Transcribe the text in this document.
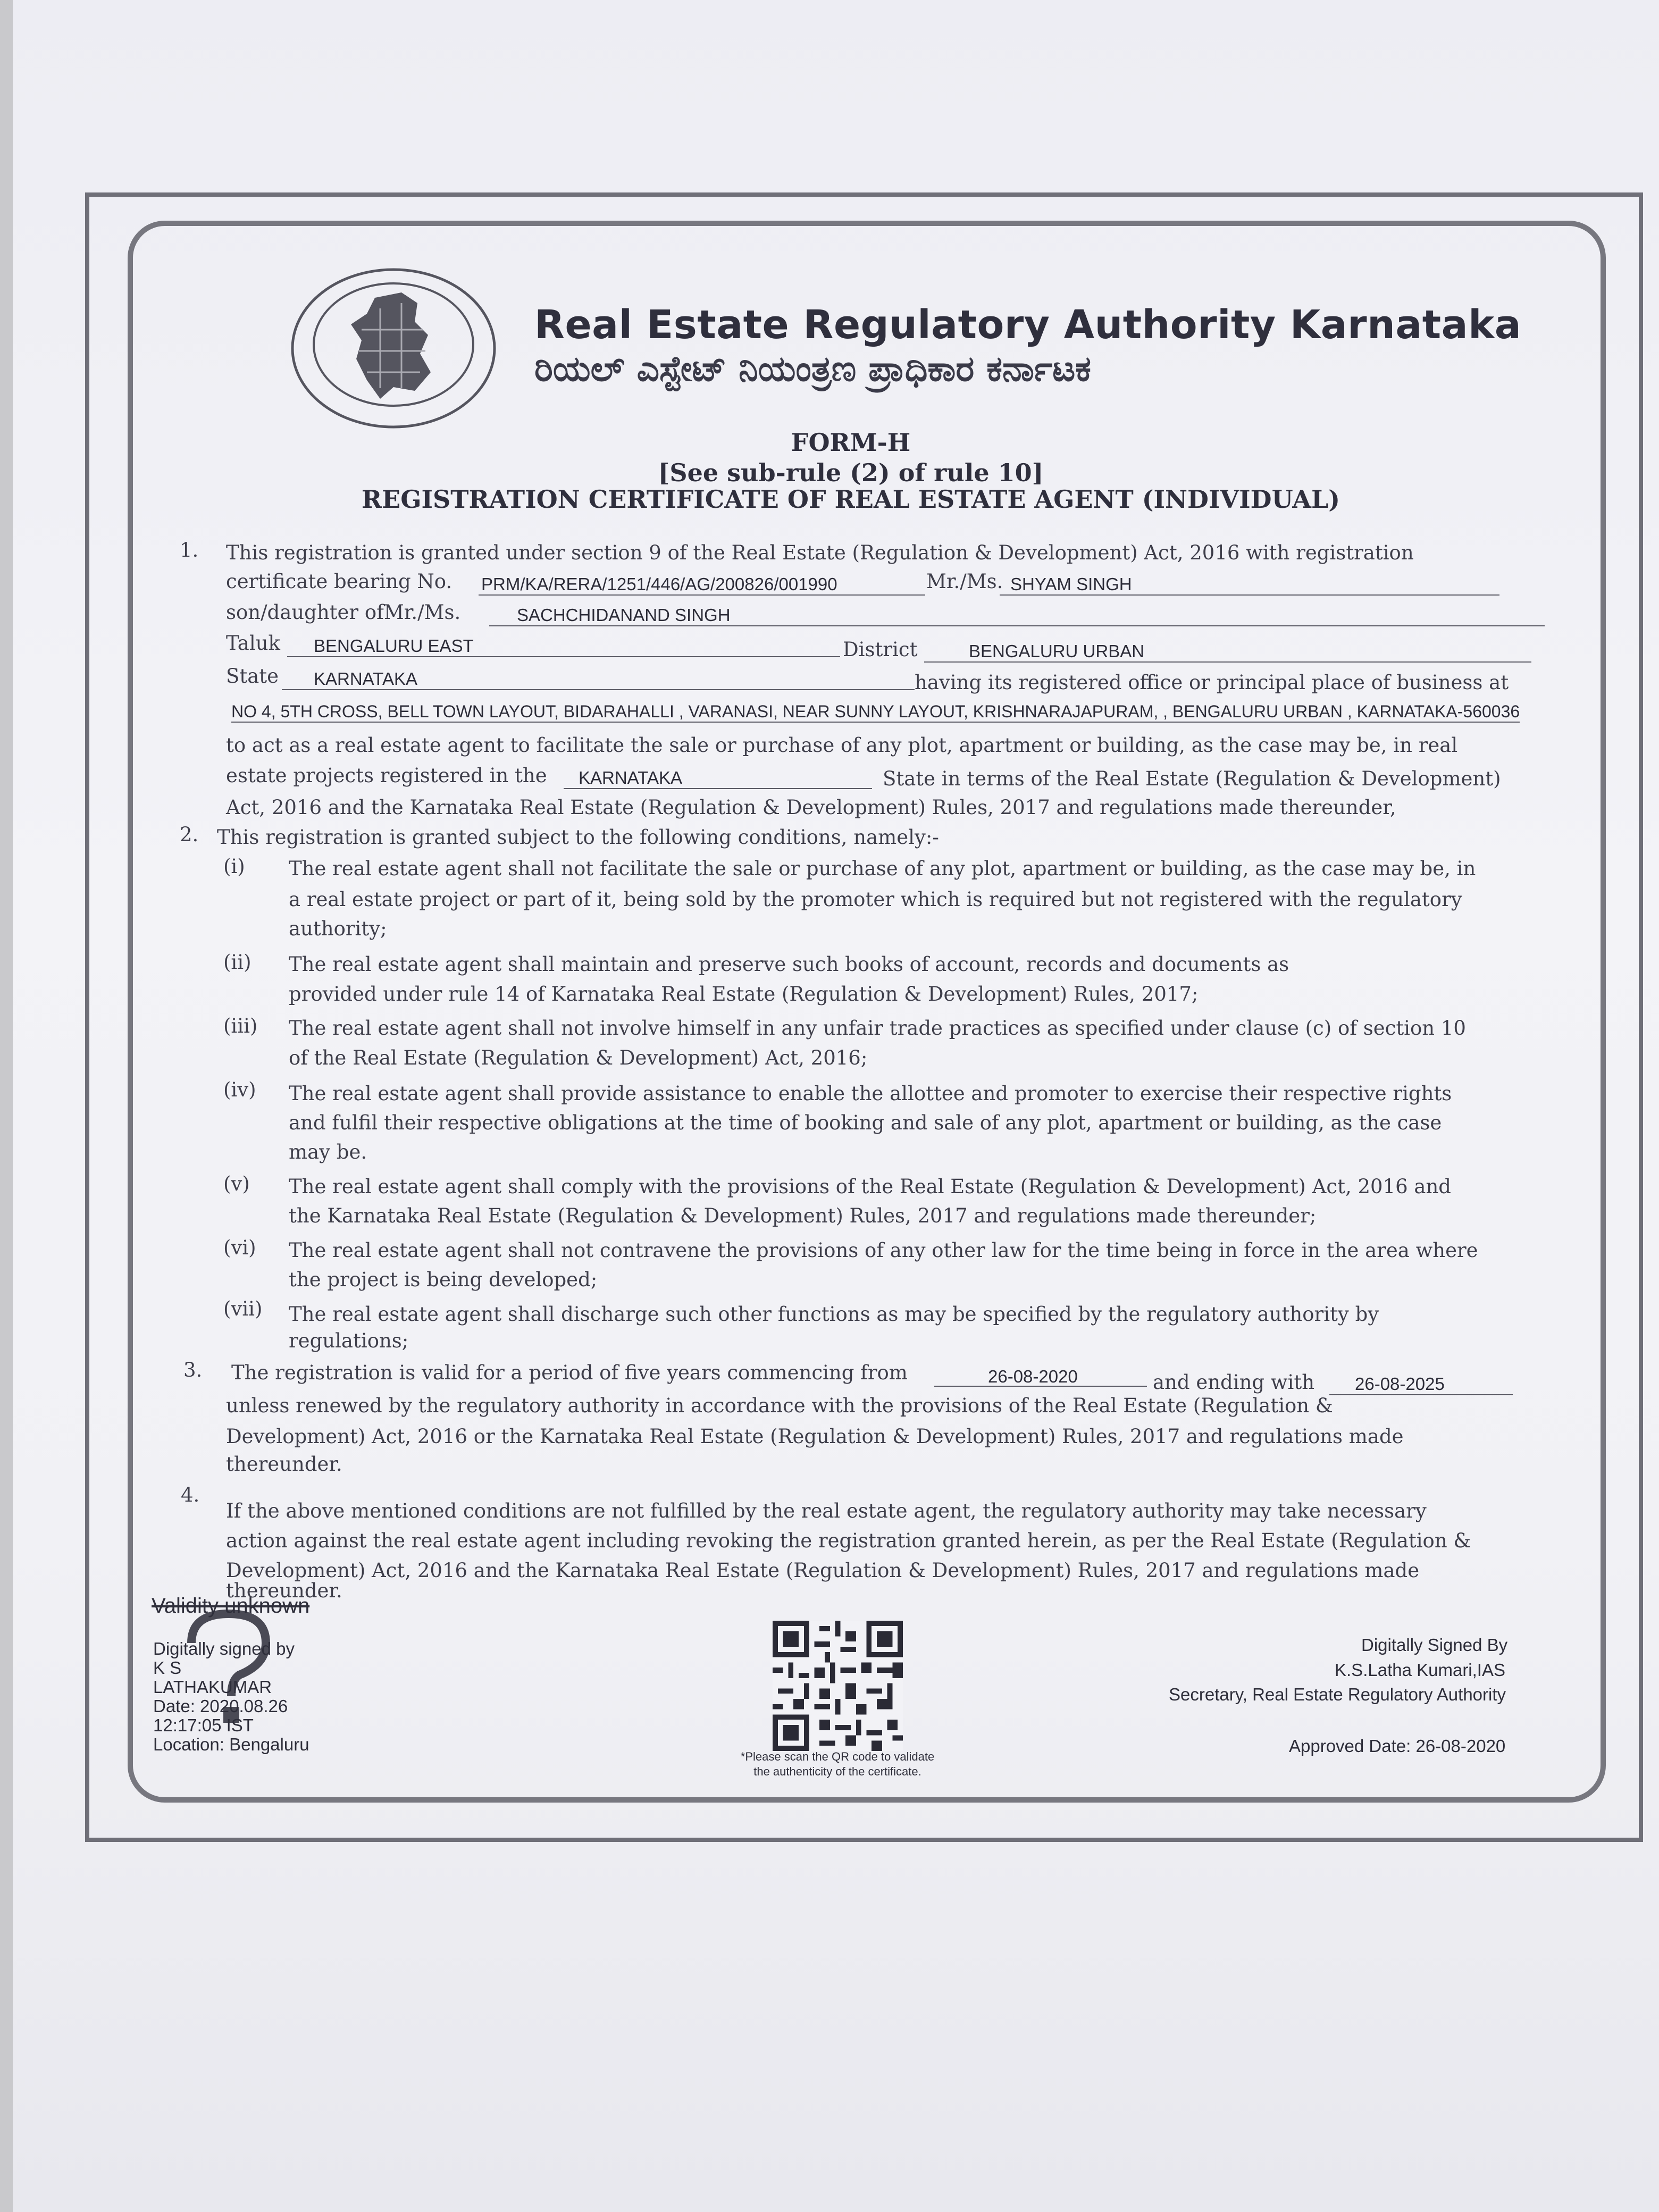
Real Estate Regulatory Authority Karnataka
ರಿಯಲ್ ಎಸ್ಟೇಟ್ ನಿಯಂತ್ರಣ ಪ್ರಾಧಿಕಾರ ಕರ್ನಾಟಕ
FORM-H
[See sub-rule (2) of rule 10]
REGISTRATION CERTIFICATE OF REAL ESTATE AGENT (INDIVIDUAL)
1. This registration is granted under section 9 of the Real Estate (Regulation & Development) Act, 2016 with registration
certificate bearing No. PRM/KA/RERA/1251/446/AG/200826/001990	Mr./Ms. SHYAM SINGH
son/daughter ofMr./Ms.	SACHCHIDANAND SINGH
Taluk BENGALURU EAST	District	BENGALURU URBAN
State KARNATAKA	having its registered office or principal place of business at
NO 4, 5TH CROSS, BELL TOWN LAYOUT, BIDARAHALLI , VARANASI, NEAR SUNNY LAYOUT, KRISHNARAJAPURAM, , BENGALURU URBAN , KARNATAKA-560036
to act as a real estate agent to facilitate the sale or purchase of any plot, apartment or building, as the case may be, in real
estate projects registered in the KARNATAKA	State in terms of the Real Estate (Regulation & Development)
Act, 2016 and the Karnataka Real Estate (Regulation & Development) Rules, 2017 and regulations made thereunder,
2. This registration is granted subject to the following conditions, namely:-
(i) The real estate agent shall not facilitate the sale or purchase of any plot, apartment or building, as the case may be, in
a real estate project or part of it, being sold by the promoter which is required but not registered with the regulatory
authority;
(ii) The real estate agent shall maintain and preserve such books of account, records and documents as
provided under rule 14 of Karnataka Real Estate (Regulation & Development) Rules, 2017;
(iii) The real estate agent shall not involve himself in any unfair trade practices as specified under clause (c) of section 10
of the Real Estate (Regulation & Development) Act, 2016;
(iv) The real estate agent shall provide assistance to enable the allottee and promoter to exercise their respective rights
and fulfil their respective obligations at the time of booking and sale of any plot, apartment or building, as the case
may be.
(v) The real estate agent shall comply with the provisions of the Real Estate (Regulation & Development) Act, 2016 and
the Karnataka Real Estate (Regulation & Development) Rules, 2017 and regulations made thereunder;
(vi) The real estate agent shall not contravene the provisions of any other law for the time being in force in the area where
the project is being developed;
(vii) The real estate agent shall discharge such other functions as may be specified by the regulatory authority by
regulations;
3. The registration is valid for a period of five years commencing from	26-08-2020	and ending with 26-08-2025
unless renewed by the regulatory authority in accordance with the provisions of the Real Estate (Regulation &
Development) Act, 2016 or the Karnataka Real Estate (Regulation & Development) Rules, 2017 and regulations made
thereunder.
4.
If the above mentioned conditions are not fulfilled by the real estate agent, the regulatory authority may take necessary
action against the real estate agent including revoking the registration granted herein, as per the Real Estate (Regulation &
Development) Act, 2016 and the Karnataka Real Estate (Regulation & Development) Rules, 2017 and regulations made
thereunder.
Validity unknown
Digitally signed by
K S
LATHAKUMAR
Date: 2020.08.26
12:17:05 IST
Location: Bengaluru
*Please scan the QR code to validate
the authenticity of the certificate.
Digitally Signed By
K.S.Latha Kumari,IAS
Secretary, Real Estate Regulatory Authority
Approved Date: 26-08-2020
